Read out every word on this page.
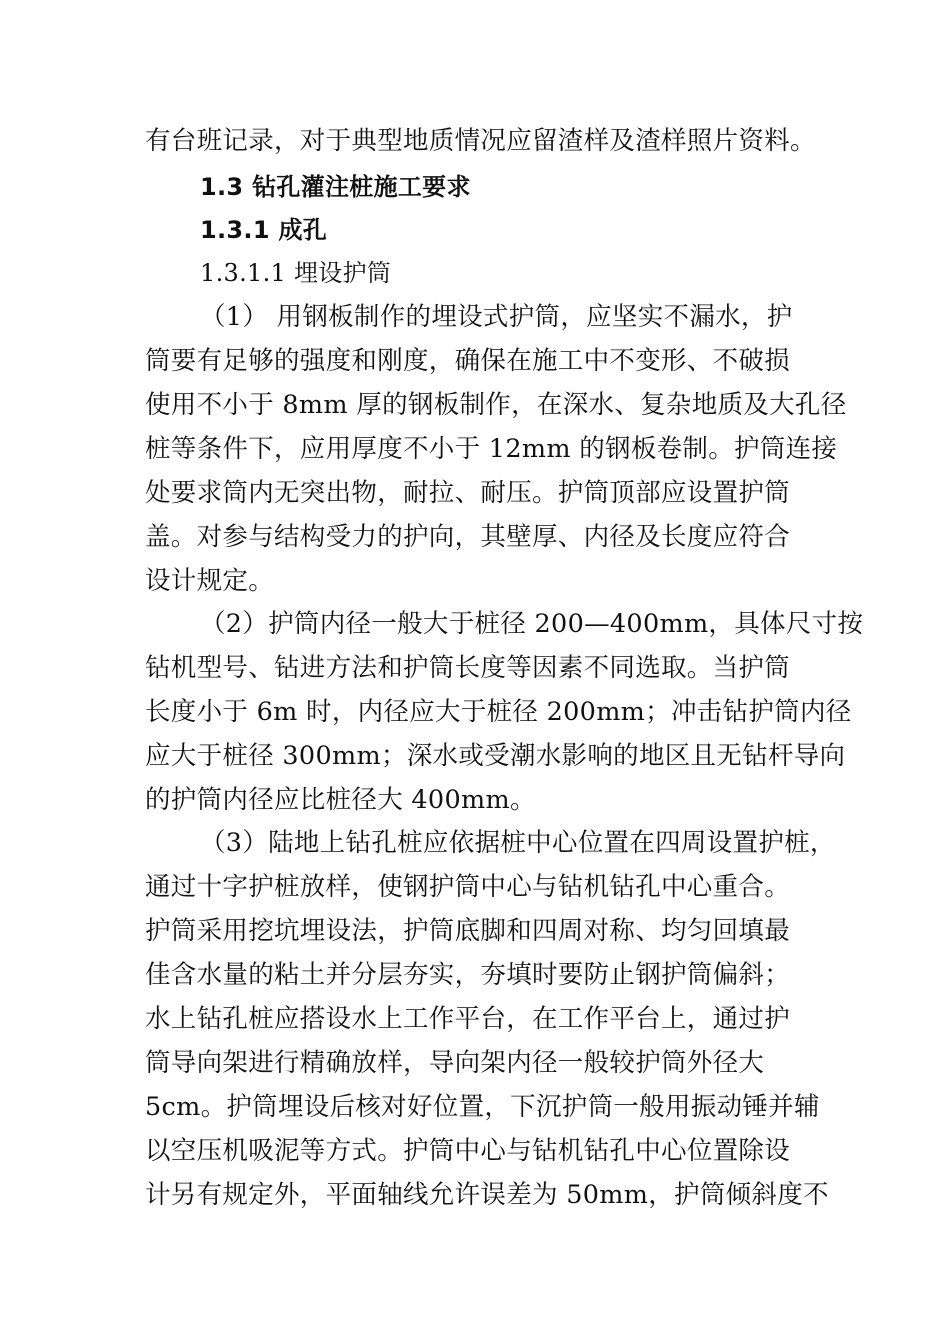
有台班记录，对于典型地质情况应留渣样及渣样照片资料。
1.3 钻孔灌注桩施工要求
1.3.1 成孔
1.3.1.1 埋设护筒
（1） 用钢板制作的埋设式护筒，应坚实不漏水，护
筒要有足够的强度和刚度，确保在施工中不变形、不破损
使用不小于 8mm 厚的钢板制作，在深水、复杂地质及大孔径
桩等条件下，应用厚度不小于 12mm 的钢板卷制。护筒连接
处要求筒内无突出物，耐拉、耐压。护筒顶部应设置护筒
盖。对参与结构受力的护向，其壁厚、内径及长度应符合
设计规定。
（2）护筒内径一般大于桩径 200—400mm，具体尺寸按
钻机型号、钻进方法和护筒长度等因素不同选取。当护筒
长度小于 6m 时，内径应大于桩径 200mm；冲击钻护筒内径
应大于桩径 300mm；深水或受潮水影响的地区且无钻杆导向
的护筒内径应比桩径大 400mm。
（3）陆地上钻孔桩应依据桩中心位置在四周设置护桩，
通过十字护桩放样，使钢护筒中心与钻机钻孔中心重合。
护筒采用挖坑埋设法，护筒底脚和四周对称、均匀回填最
佳含水量的粘土并分层夯实，夯填时要防止钢护筒偏斜；
水上钻孔桩应搭设水上工作平台，在工作平台上，通过护
筒导向架进行精确放样，导向架内径一般较护筒外径大
5cm。护筒埋设后核对好位置，下沉护筒一般用振动锤并辅
以空压机吸泥等方式。护筒中心与钻机钻孔中心位置除设
计另有规定外，平面轴线允许误差为 50mm，护筒倾斜度不
